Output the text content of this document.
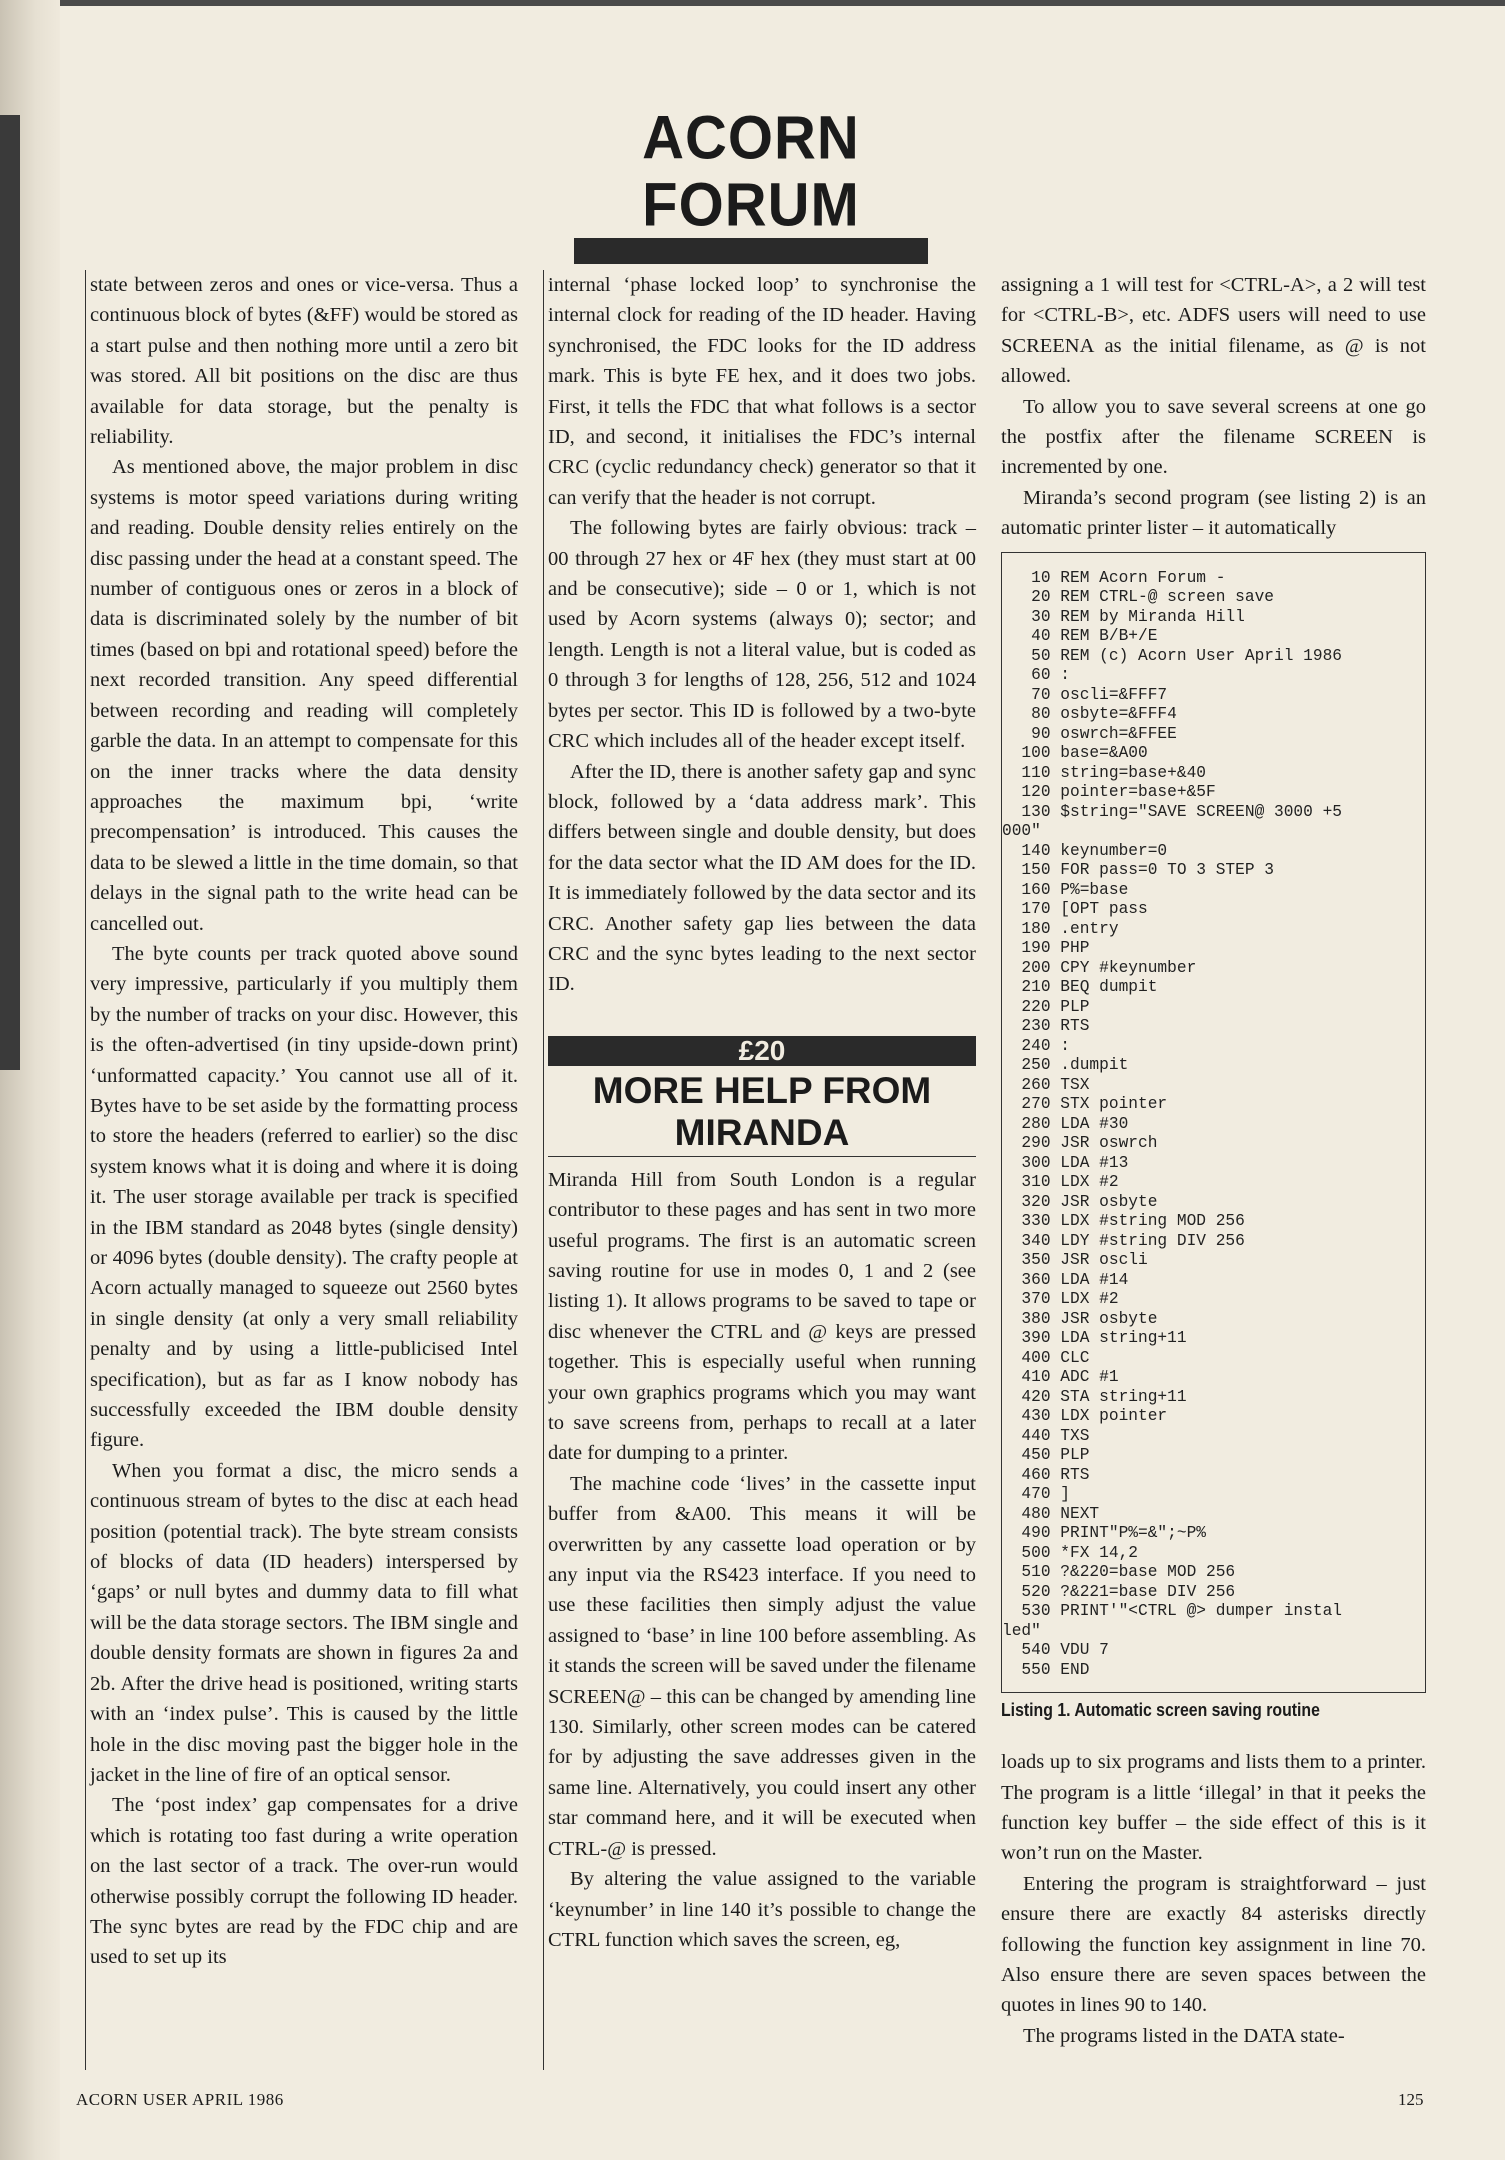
ACORN FORUM

state between zeros and ones or vice-versa. Thus a continuous block of bytes (&FF) would be stored as a start pulse and then nothing more until a zero bit was stored. All bit positions on the disc are thus available for data storage, but the penalty is reliability.

As mentioned above, the major problem in disc systems is motor speed variations during writing and reading. Double density relies entirely on the disc passing under the head at a constant speed. The number of contiguous ones or zeros in a block of data is discriminated solely by the number of bit times (based on bpi and rotational speed) before the next recorded transition. Any speed differential between recording and reading will completely garble the data. In an attempt to compensate for this on the inner tracks where the data density approaches the maximum bpi, ‘write precompensation’ is introduced. This causes the data to be slewed a little in the time domain, so that delays in the signal path to the write head can be cancelled out.

The byte counts per track quoted above sound very impressive, particularly if you multiply them by the number of tracks on your disc. However, this is the often-advertised (in tiny upside-down print) ‘unformatted capacity.’ You cannot use all of it. Bytes have to be set aside by the formatting process to store the headers (referred to earlier) so the disc system knows what it is doing and where it is doing it. The user storage available per track is specified in the IBM standard as 2048 bytes (single density) or 4096 bytes (double density). The crafty people at Acorn actually managed to squeeze out 2560 bytes in single density (at only a very small reliability penalty and by using a little-publicised Intel specification), but as far as I know nobody has successfully exceeded the IBM double density figure.

When you format a disc, the micro sends a continuous stream of bytes to the disc at each head position (potential track). The byte stream consists of blocks of data (ID headers) interspersed by ‘gaps’ or null bytes and dummy data to fill what will be the data storage sectors. The IBM single and double density formats are shown in figures 2a and 2b. After the drive head is positioned, writing starts with an ‘index pulse’. This is caused by the little hole in the disc moving past the bigger hole in the jacket in the line of fire of an optical sensor.

The ‘post index’ gap compensates for a drive which is rotating too fast during a write operation on the last sector of a track. The over-run would otherwise possibly corrupt the following ID header. The sync bytes are read by the FDC chip and are used to set up its

internal ‘phase locked loop’ to synchronise the internal clock for reading of the ID header. Having synchronised, the FDC looks for the ID address mark. This is byte FE hex, and it does two jobs. First, it tells the FDC that what follows is a sector ID, and second, it initialises the FDC’s internal CRC (cyclic redundancy check) generator so that it can verify that the header is not corrupt.

The following bytes are fairly obvious: track – 00 through 27 hex or 4F hex (they must start at 00 and be consecutive); side – 0 or 1, which is not used by Acorn systems (always 0); sector; and length. Length is not a literal value, but is coded as 0 through 3 for lengths of 128, 256, 512 and 1024 bytes per sector. This ID is followed by a two-byte CRC which includes all of the header except itself.

After the ID, there is another safety gap and sync block, followed by a ‘data address mark’. This differs between single and double density, but does for the data sector what the ID AM does for the ID. It is immediately followed by the data sector and its CRC. Another safety gap lies between the data CRC and the sync bytes leading to the next sector ID.

£20
MORE HELP FROM MIRANDA

Miranda Hill from South London is a regular contributor to these pages and has sent in two more useful programs. The first is an automatic screen saving routine for use in modes 0, 1 and 2 (see listing 1). It allows programs to be saved to tape or disc whenever the CTRL and @ keys are pressed together. This is especially useful when running your own graphics programs which you may want to save screens from, perhaps to recall at a later date for dumping to a printer.

The machine code ‘lives’ in the cassette input buffer from &A00. This means it will be overwritten by any cassette load operation or by any input via the RS423 interface. If you need to use these facilities then simply adjust the value assigned to ‘base’ in line 100 before assembling. As it stands the screen will be saved under the filename SCREEN@ – this can be changed by amending line 130. Similarly, other screen modes can be catered for by adjusting the save addresses given in the same line. Alternatively, you could insert any other star command here, and it will be executed when CTRL-@ is pressed.

By altering the value assigned to the variable ‘keynumber’ in line 140 it’s possible to change the CTRL function which saves the screen, eg,

assigning a 1 will test for <CTRL-A>, a 2 will test for <CTRL-B>, etc. ADFS users will need to use SCREENA as the initial filename, as @ is not allowed.

To allow you to save several screens at one go the postfix after the filename SCREEN is incremented by one.

Miranda’s second program (see listing 2) is an automatic printer lister – it automatically

10 REM Acorn Forum -
20 REM CTRL-@ screen save
30 REM by Miranda Hill
40 REM B/B+/E
50 REM (c) Acorn User April 1986
60 :
70 oscli=&FFF7
80 osbyte=&FFF4
90 oswrch=&FFEE
100 base=&A00
110 string=base+&40
120 pointer=base+&5F
130 $string="SAVE SCREEN@ 3000 +5
000"
140 keynumber=0
150 FOR pass=0 TO 3 STEP 3
160 P%=base
170 [OPT pass
180 .entry
190 PHP
200 CPY #keynumber
210 BEQ dumpit
220 PLP
230 RTS
240 :
250 .dumpit
260 TSX
270 STX pointer
280 LDA #30
290 JSR oswrch
300 LDA #13
310 LDX #2
320 JSR osbyte
330 LDX #string MOD 256
340 LDY #string DIV 256
350 JSR oscli
360 LDA #14
370 LDX #2
380 JSR osbyte
390 LDA string+11
400 CLC
410 ADC #1
420 STA string+11
430 LDX pointer
440 TXS
450 PLP
460 RTS
470 ]
480 NEXT
490 PRINT"P%=&";~P%
500 *FX 14,2
510 ?&220=base MOD 256
520 ?&221=base DIV 256
530 PRINT'"<CTRL @> dumper instal
led"
540 VDU 7
550 END
Listing 1. Automatic screen saving routine

loads up to six programs and lists them to a printer. The program is a little ‘illegal’ in that it peeks the function key buffer – the side effect of this is it won’t run on the Master.

Entering the program is straightforward – just ensure there are exactly 84 asterisks directly following the function key assignment in line 70. Also ensure there are seven spaces between the quotes in lines 90 to 140.

The programs listed in the DATA state-

ACORN USER APRIL 1986	125
